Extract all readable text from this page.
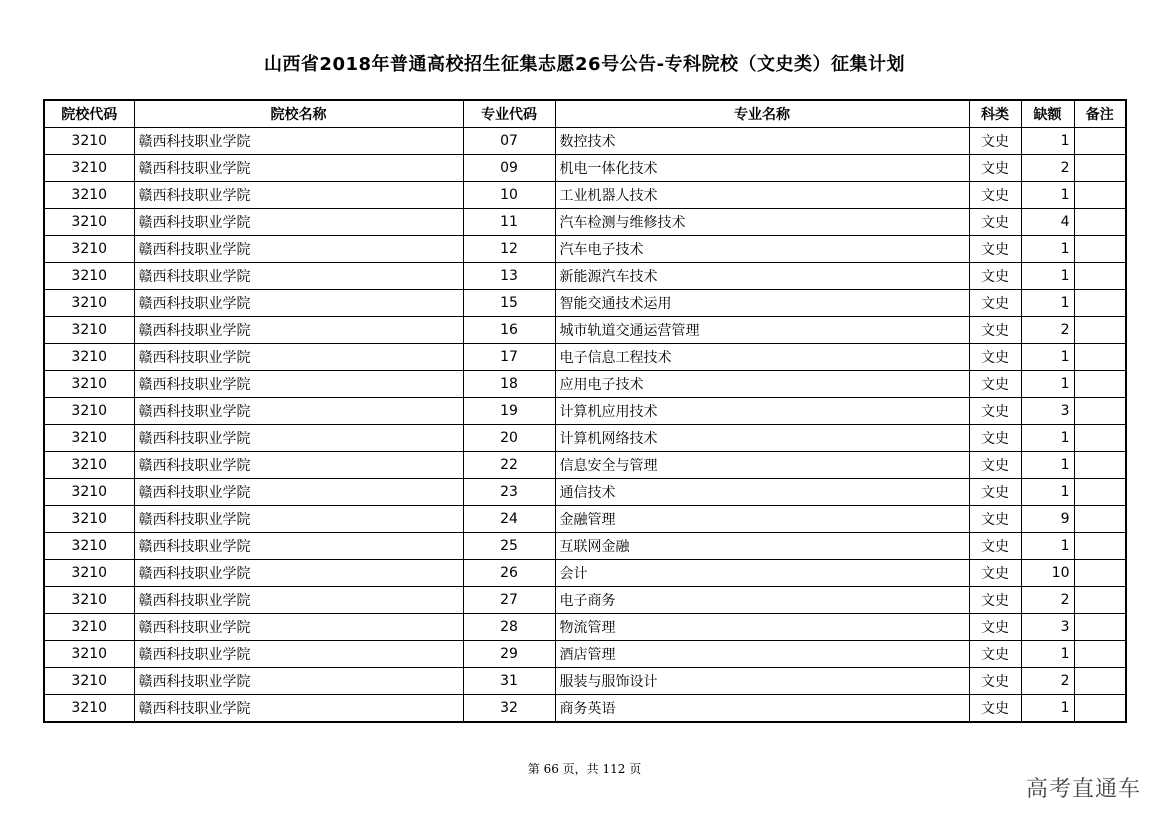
山西省2018年普通高校招生征集志愿26号公告-专科院校（文史类）征集计划
院校代码	院校名称	专业代码	专业名称	科类	缺额	备注
3210	赣西科技职业学院	07	数控技术	文史	1	
3210	赣西科技职业学院	09	机电一体化技术	文史	2	
3210	赣西科技职业学院	10	工业机器人技术	文史	1	
3210	赣西科技职业学院	11	汽车检测与维修技术	文史	4	
3210	赣西科技职业学院	12	汽车电子技术	文史	1	
3210	赣西科技职业学院	13	新能源汽车技术	文史	1	
3210	赣西科技职业学院	15	智能交通技术运用	文史	1	
3210	赣西科技职业学院	16	城市轨道交通运营管理	文史	2	
3210	赣西科技职业学院	17	电子信息工程技术	文史	1	
3210	赣西科技职业学院	18	应用电子技术	文史	1	
3210	赣西科技职业学院	19	计算机应用技术	文史	3	
3210	赣西科技职业学院	20	计算机网络技术	文史	1	
3210	赣西科技职业学院	22	信息安全与管理	文史	1	
3210	赣西科技职业学院	23	通信技术	文史	1	
3210	赣西科技职业学院	24	金融管理	文史	9	
3210	赣西科技职业学院	25	互联网金融	文史	1	
3210	赣西科技职业学院	26	会计	文史	10	
3210	赣西科技职业学院	27	电子商务	文史	2	
3210	赣西科技职业学院	28	物流管理	文史	3	
3210	赣西科技职业学院	29	酒店管理	文史	1	
3210	赣西科技职业学院	31	服装与服饰设计	文史	2	
3210	赣西科技职业学院	32	商务英语	文史	1	
第 66 页，共 112 页
高考直通车
